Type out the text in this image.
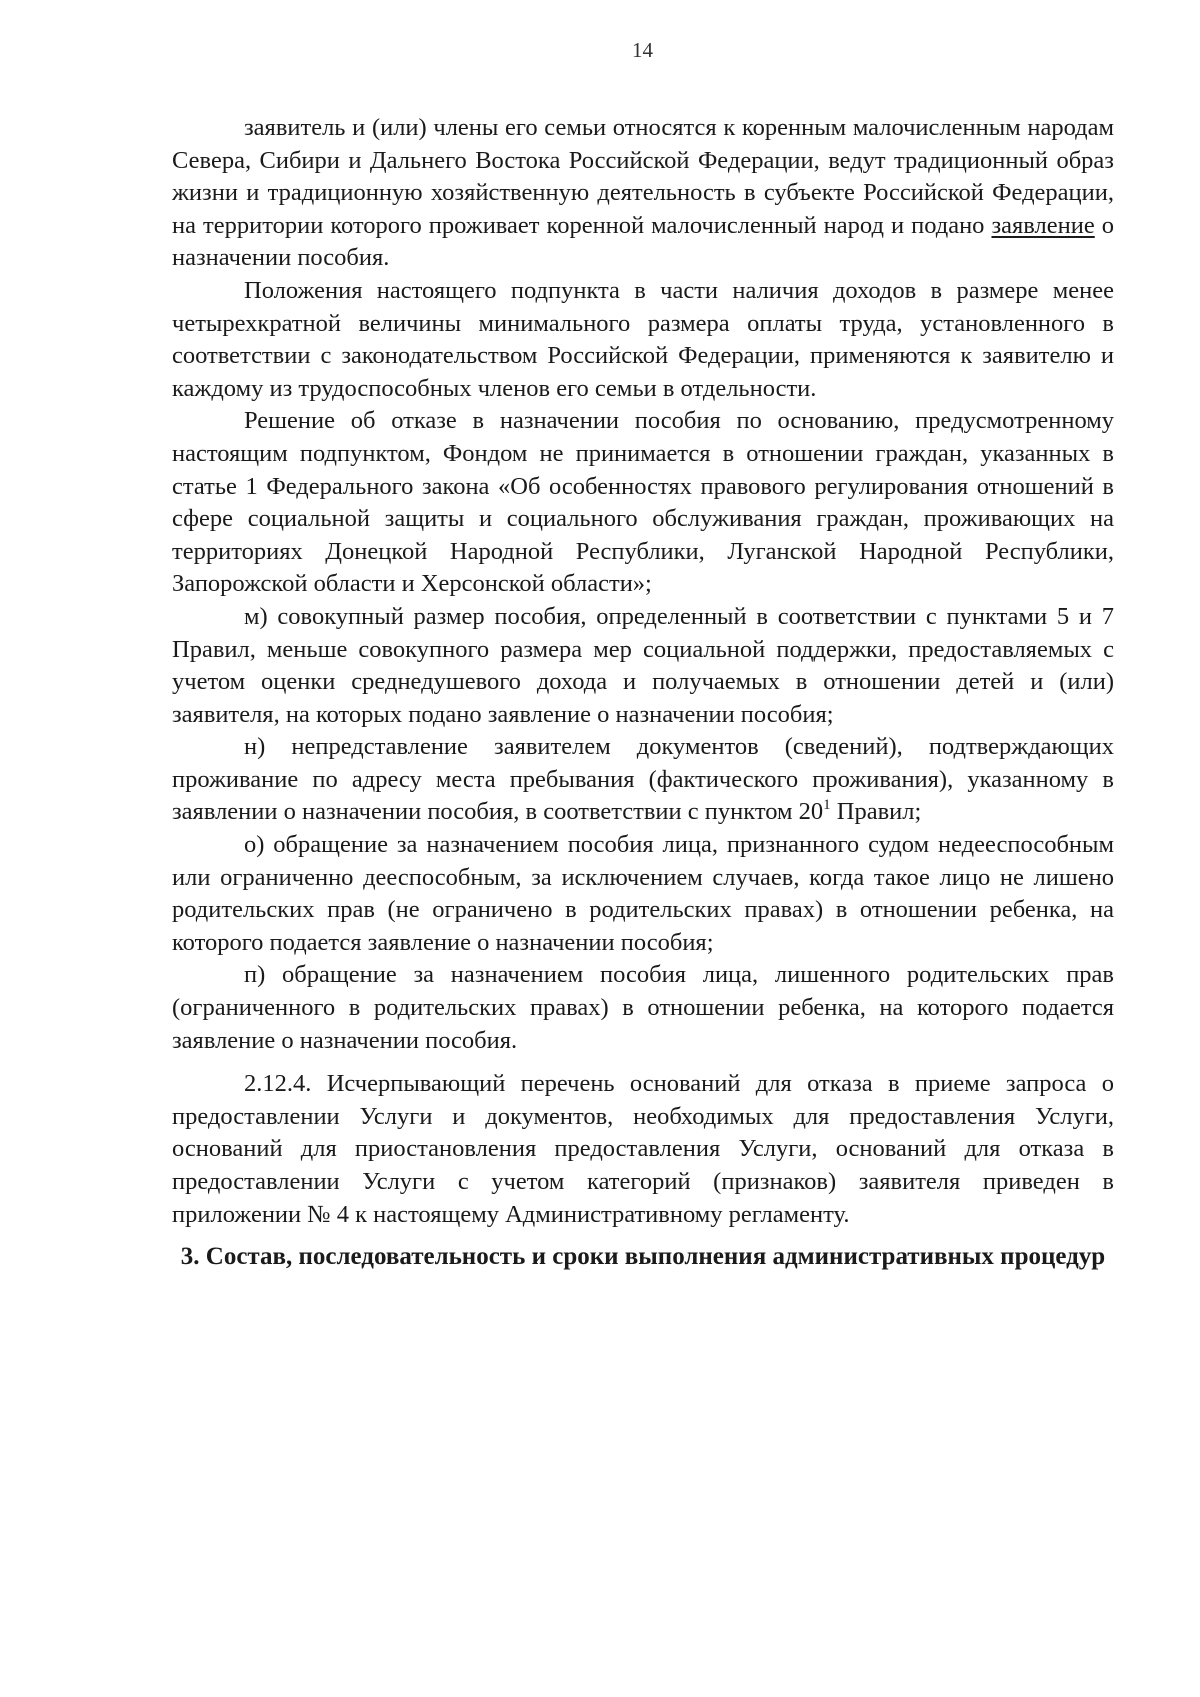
14

заявитель и (или) члены его семьи относятся к коренным малочисленным народам Севера, Сибири и Дальнего Востока Российской Федерации, ведут традиционный образ жизни и традиционную хозяйственную деятельность в субъекте Российской Федерации, на территории которого проживает коренной малочисленный народ и подано заявление о назначении пособия.

Положения настоящего подпункта в части наличия доходов в размере менее четырехкратной величины минимального размера оплаты труда, установленного в соответствии с законодательством Российской Федерации, применяются к заявителю и каждому из трудоспособных членов его семьи в отдельности.

Решение об отказе в назначении пособия по основанию, предусмотренному настоящим подпунктом, Фондом не принимается в отношении граждан, указанных в статье 1 Федерального закона «Об особенностях правового регулирования отношений в сфере социальной защиты и социального обслуживания граждан, проживающих на территориях Донецкой Народной Республики, Луганской Народной Республики, Запорожской области и Херсонской области»;

м) совокупный размер пособия, определенный в соответствии с пунктами 5 и 7 Правил, меньше совокупного размера мер социальной поддержки, предоставляемых с учетом оценки среднедушевого дохода и получаемых в отношении детей и (или) заявителя, на которых подано заявление о назначении пособия;

н) непредставление заявителем документов (сведений), подтверждающих проживание по адресу места пребывания (фактического проживания), указанному в заявлении о назначении пособия, в соответствии с пунктом $20^1$ Правил;

о) обращение за назначением пособия лица, признанного судом недееспособным или ограниченно дееспособным, за исключением случаев, когда такое лицо не лишено родительских прав (не ограничено в родительских правах) в отношении ребенка, на которого подается заявление о назначении пособия;

п) обращение за назначением пособия лица, лишенного родительских прав (ограниченного в родительских правах) в отношении ребенка, на которого подается заявление о назначении пособия.

2.12.4. Исчерпывающий перечень оснований для отказа в приеме запроса о предоставлении Услуги и документов, необходимых для предоставления Услуги, оснований для приостановления предоставления Услуги, оснований для отказа в предоставлении Услуги с учетом категорий (признаков) заявителя приведен в приложении № 4 к настоящему Административному регламенту.

3. Состав, последовательность и сроки выполнения административных процедур
